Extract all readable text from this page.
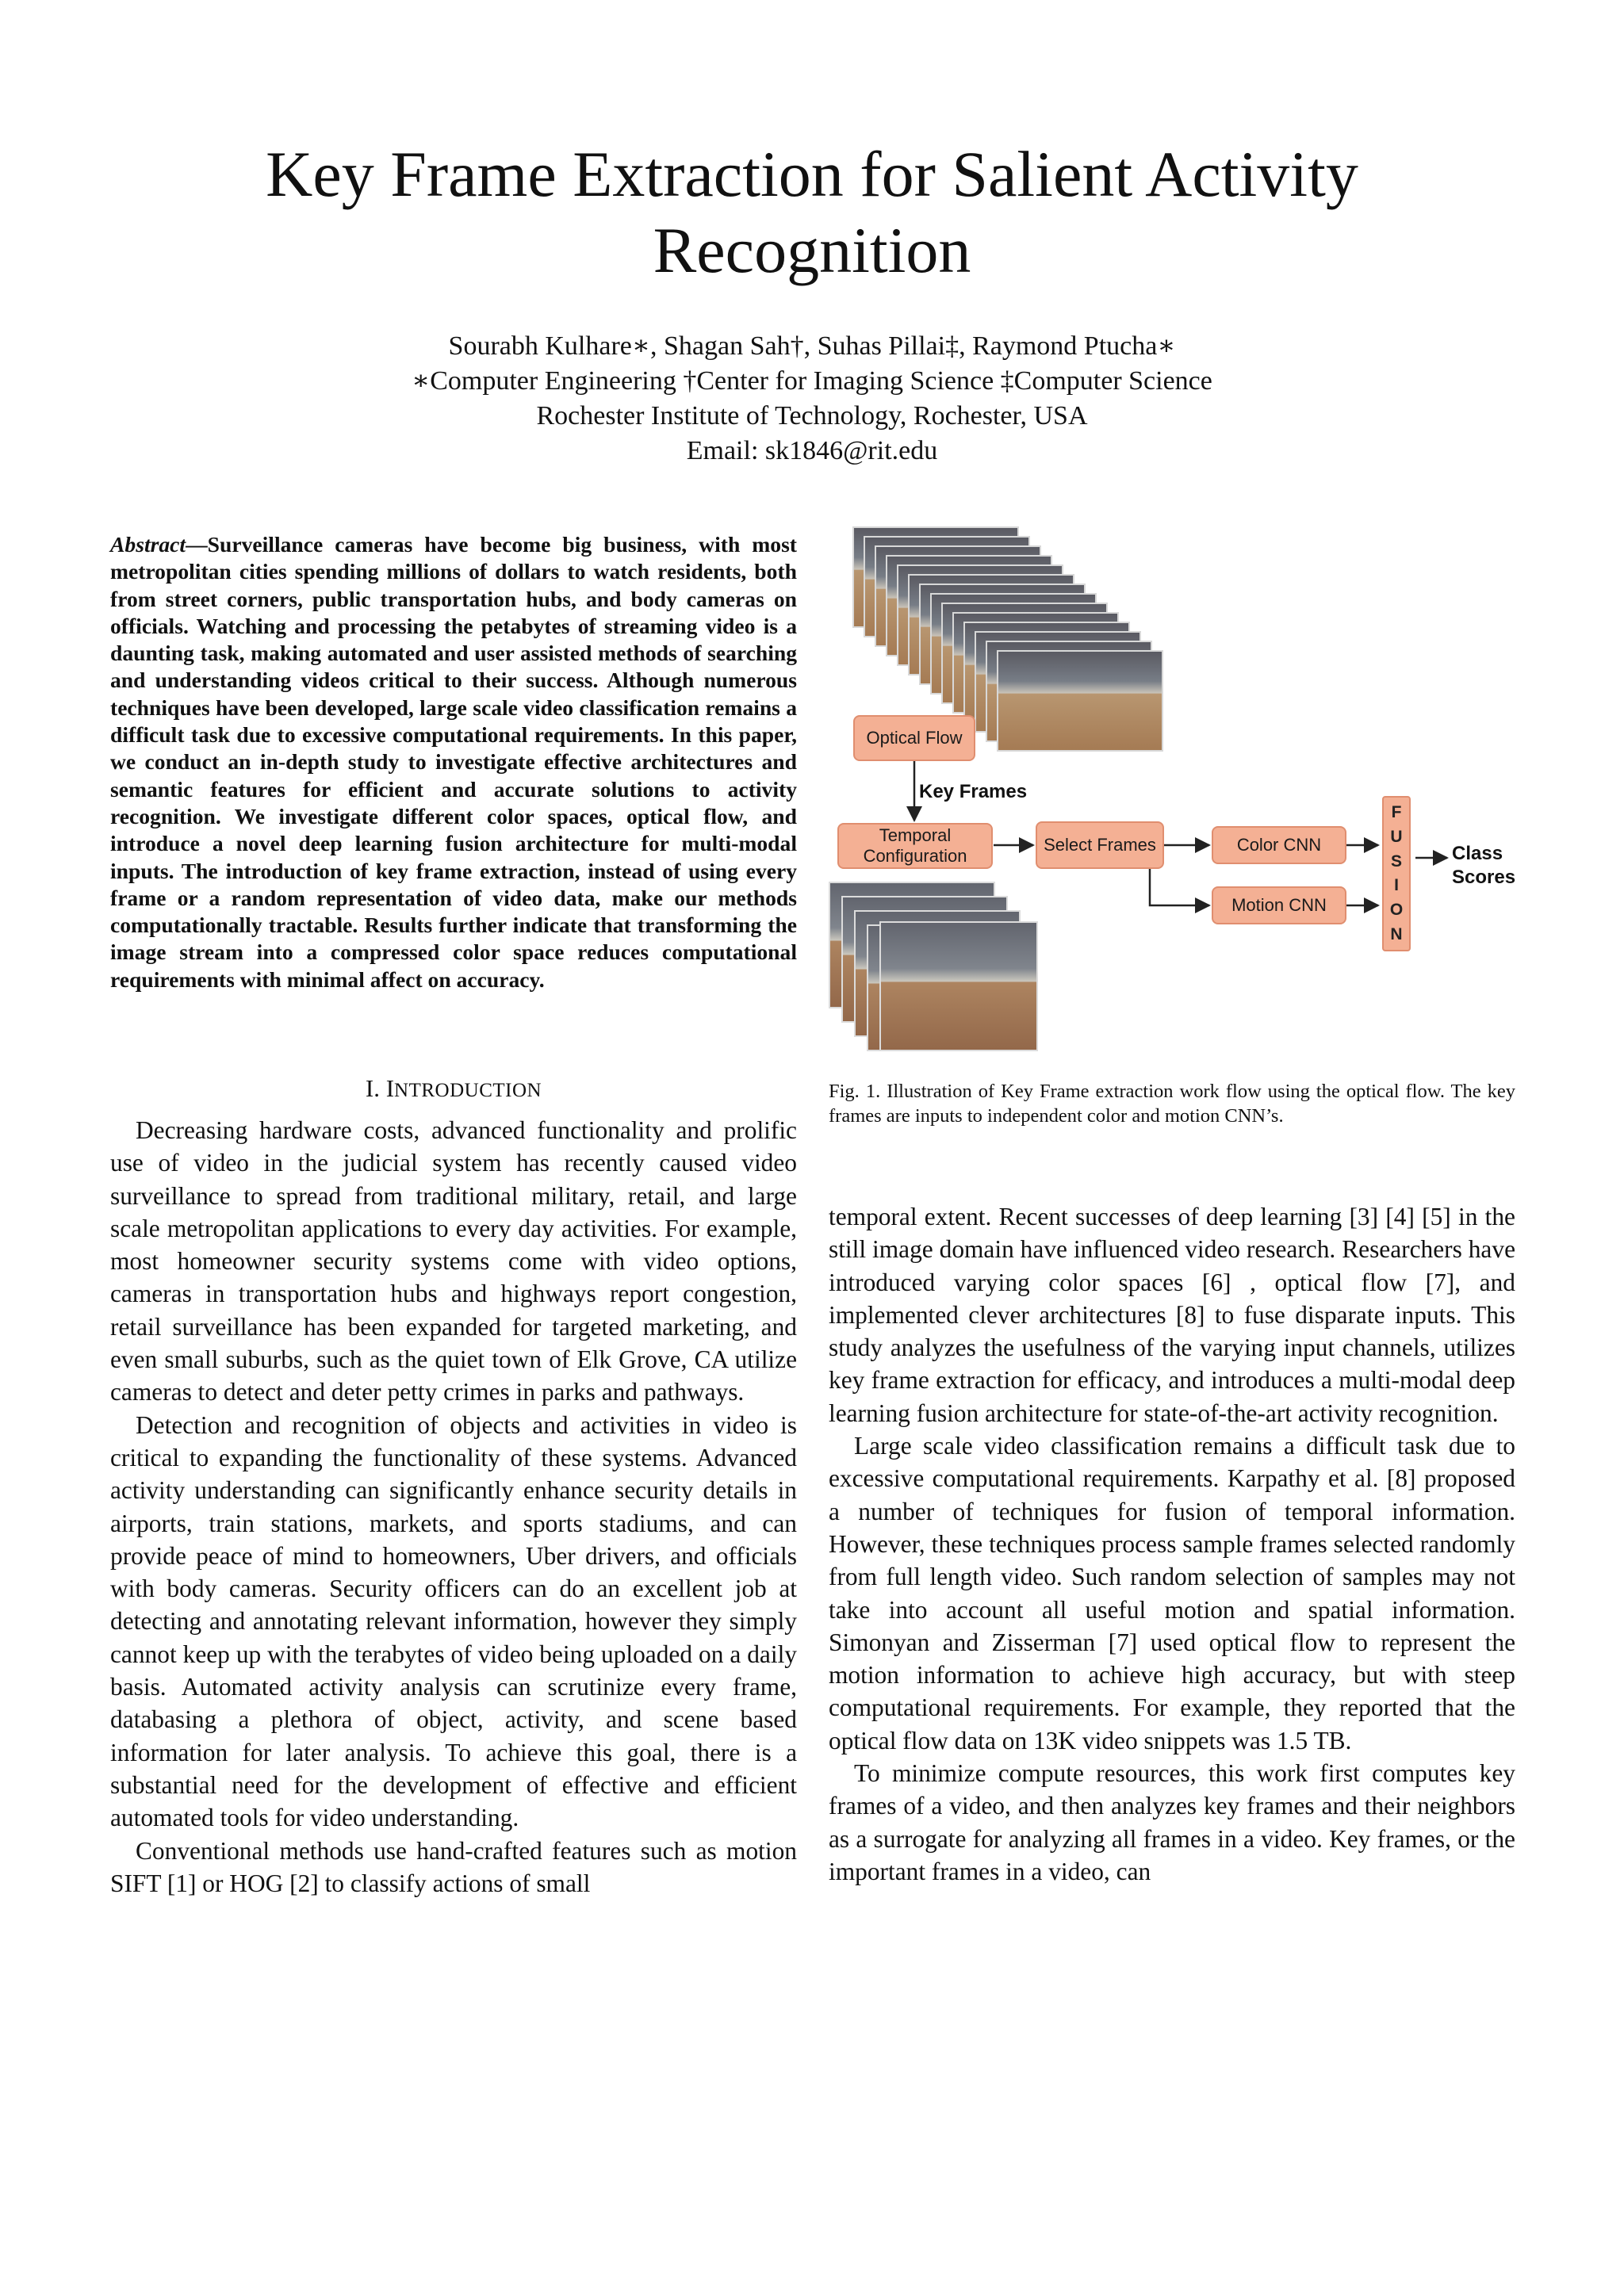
Key Frame Extraction for Salient Activity
Recognition
Sourabh Kulhare∗, Shagan Sah†, Suhas Pillai‡, Raymond Ptucha∗
∗Computer Engineering †Center for Imaging Science ‡Computer Science
Rochester Institute of Technology, Rochester, USA
Email: sk1846@rit.edu
Abstract—Surveillance cameras have become big business, with most metropolitan cities spending millions of dollars to watch residents, both from street corners, public transportation hubs, and body cameras on officials. Watching and processing the petabytes of streaming video is a daunting task, making automated and user assisted methods of searching and understanding videos critical to their success. Although numerous techniques have been developed, large scale video classification remains a difficult task due to excessive computational requirements. In this paper, we conduct an in-depth study to investigate effective architectures and semantic features for efficient and accurate solutions to activity recognition. We investigate different color spaces, optical flow, and introduce a novel deep learning fusion architecture for multi-modal inputs. The introduction of key frame extraction, instead of using every frame or a random representation of video data, make our methods computationally tractable. Results further indicate that transforming the image stream into a compressed color space reduces computational requirements with minimal affect on accuracy.
I. INTRODUCTION

Decreasing hardware costs, advanced functionality and prolific use of video in the judicial system has recently caused video surveillance to spread from traditional military, retail, and large scale metropolitan applications to every day activities. For example, most homeowner security systems come with video options, cameras in transportation hubs and highways report congestion, retail surveillance has been expanded for targeted marketing, and even small suburbs, such as the quiet town of Elk Grove, CA utilize cameras to detect and deter petty crimes in parks and pathways.

Detection and recognition of objects and activities in video is critical to expanding the functionality of these systems. Advanced activity understanding can significantly enhance security details in airports, train stations, markets, and sports stadiums, and can provide peace of mind to homeowners, Uber drivers, and officials with body cameras. Security officers can do an excellent job at detecting and annotating relevant information, however they simply cannot keep up with the terabytes of video being uploaded on a daily basis. Automated activity analysis can scrutinize every frame, databasing a plethora of object, activity, and scene based information for later analysis. To achieve this goal, there is a substantial need for the development of effective and efficient automated tools for video understanding.

Conventional methods use hand-crafted features such as motion SIFT [1] or HOG [2] to classify actions of small

Optical Flow
Key Frames
Temporal Configuration
Select Frames	Color CNN
Motion CNN
F
U
S
I
O
N
Class Scores
Fig. 1. Illustration of Key Frame extraction work flow using the optical flow. The key frames are inputs to independent color and motion CNN’s.

temporal extent. Recent successes of deep learning [3] [4] [5] in the still image domain have influenced video research. Researchers have introduced varying color spaces [6] , optical flow [7], and implemented clever architectures [8] to fuse disparate inputs. This study analyzes the usefulness of the varying input channels, utilizes key frame extraction for efficacy, and introduces a multi-modal deep learning fusion architecture for state-of-the-art activity recognition.

Large scale video classification remains a difficult task due to excessive computational requirements. Karpathy et al. [8] proposed a number of techniques for fusion of temporal information. However, these techniques process sample frames selected randomly from full length video. Such random selection of samples may not take into account all useful motion and spatial information. Simonyan and Zisserman [7] used optical flow to represent the motion information to achieve high accuracy, but with steep computational requirements. For example, they reported that the optical flow data on 13K video snippets was 1.5 TB.

To minimize compute resources, this work first computes key frames of a video, and then analyzes key frames and their neighbors as a surrogate for analyzing all frames in a video. Key frames, or the important frames in a video, can
